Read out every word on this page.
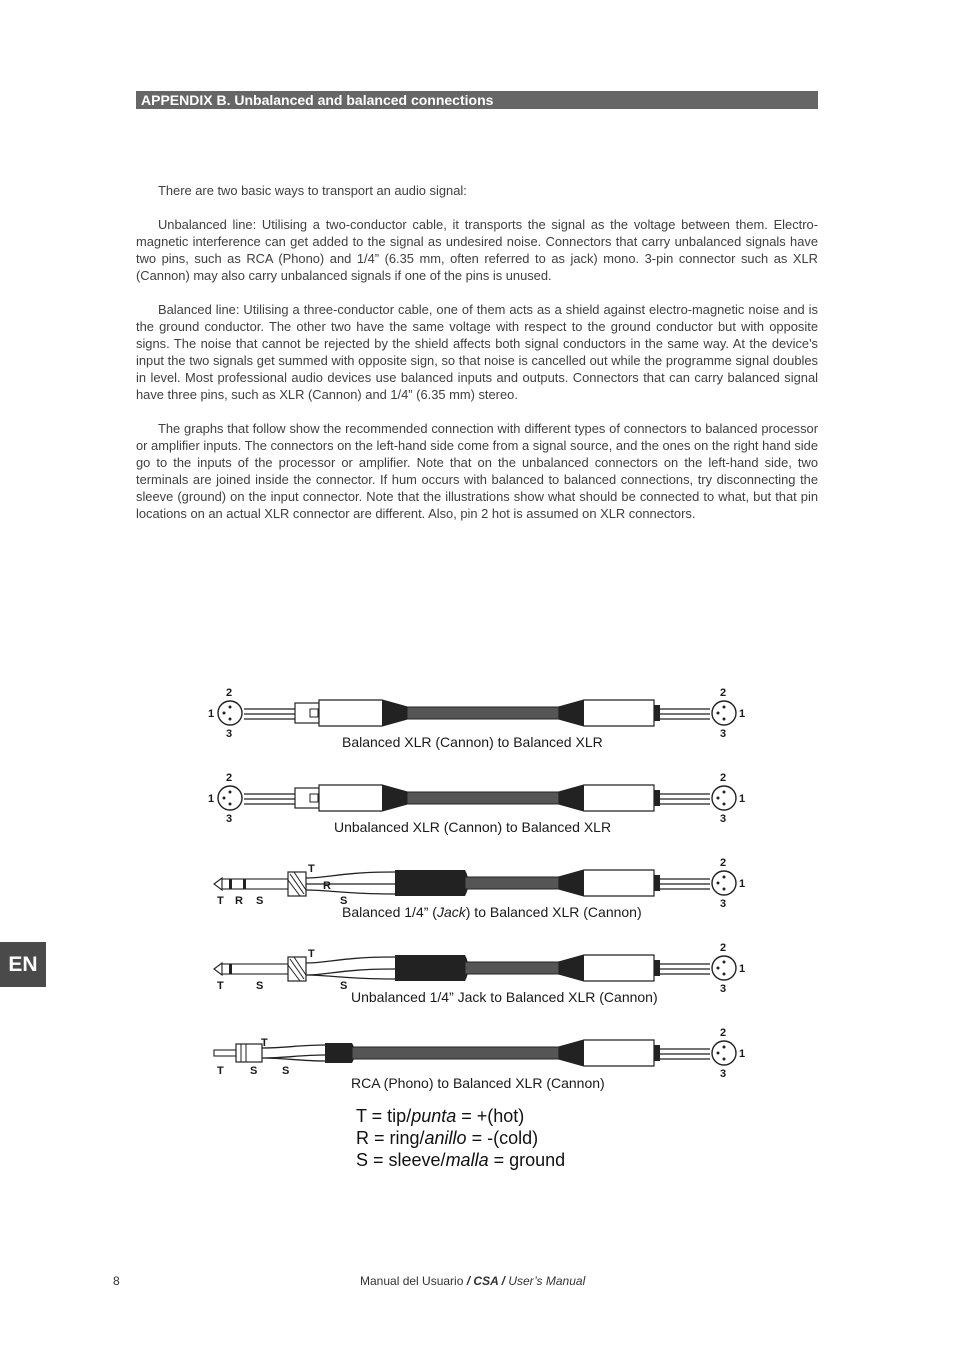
APPENDIX B. Unbalanced and balanced connections

There are two basic ways to transport an audio signal:

Unbalanced line: Utilising a two-conductor cable, it transports the signal as the voltage between them. Electro-magnetic interference can get added to the signal as undesired noise. Connectors that carry unbalanced signals have two pins, such as RCA (Phono) and 1/4” (6.35 mm, often referred to as jack) mono. 3-pin connector such as XLR (Cannon) may also carry unbalanced signals if one of the pins is unused.

Balanced line: Utilising a three-conductor cable, one of them acts as a shield against electro-magnetic noise and is the ground conductor. The other two have the same voltage with respect to the ground conductor but with opposite signs. The noise that cannot be rejected by the shield affects both signal conductors in the same way. At the device's input the two signals get summed with opposite sign, so that noise is cancelled out while the programme signal doubles in level. Most professional audio devices use balanced inputs and outputs. Connectors that can carry balanced signal have three pins, such as XLR (Cannon) and 1/4” (6.35 mm) stereo.

The graphs that follow show the recommended connection with different types of connectors to balanced processor or amplifier inputs. The connectors on the left-hand side come from a signal source, and the ones on the right hand side go to the inputs of the processor or amplifier. Note that on the unbalanced connectors on the left-hand side, two terminals are joined inside the connector. If hum occurs with balanced to balanced connections, try disconnecting the sleeve (ground) on the input connector. Note that the illustrations show what should be connected to what, but that pin locations on an actual XLR connector are different. Also, pin 2 hot is assumed on XLR connectors.

EN
2
1
3
2
1
3
Balanced XLR (Cannon) to Balanced XLR
2
1
3
2
1
3
Unbalanced XLR (Cannon) to Balanced XLR
T R S
T
R
S
2
1
3
Balanced 1/4” (Jack) to Balanced XLR (Cannon)
T	S
T
S
2
1
3
Unbalanced 1/4” Jack to Balanced XLR (Cannon)
T S
T
S
2
1
3
RCA (Phono) to Balanced XLR (Cannon)
T = tip/punta = +(hot)
R = ring/anillo = -(cold)
S = sleeve/malla = ground
8	Manual del Usuario / CSA / User’s Manual
